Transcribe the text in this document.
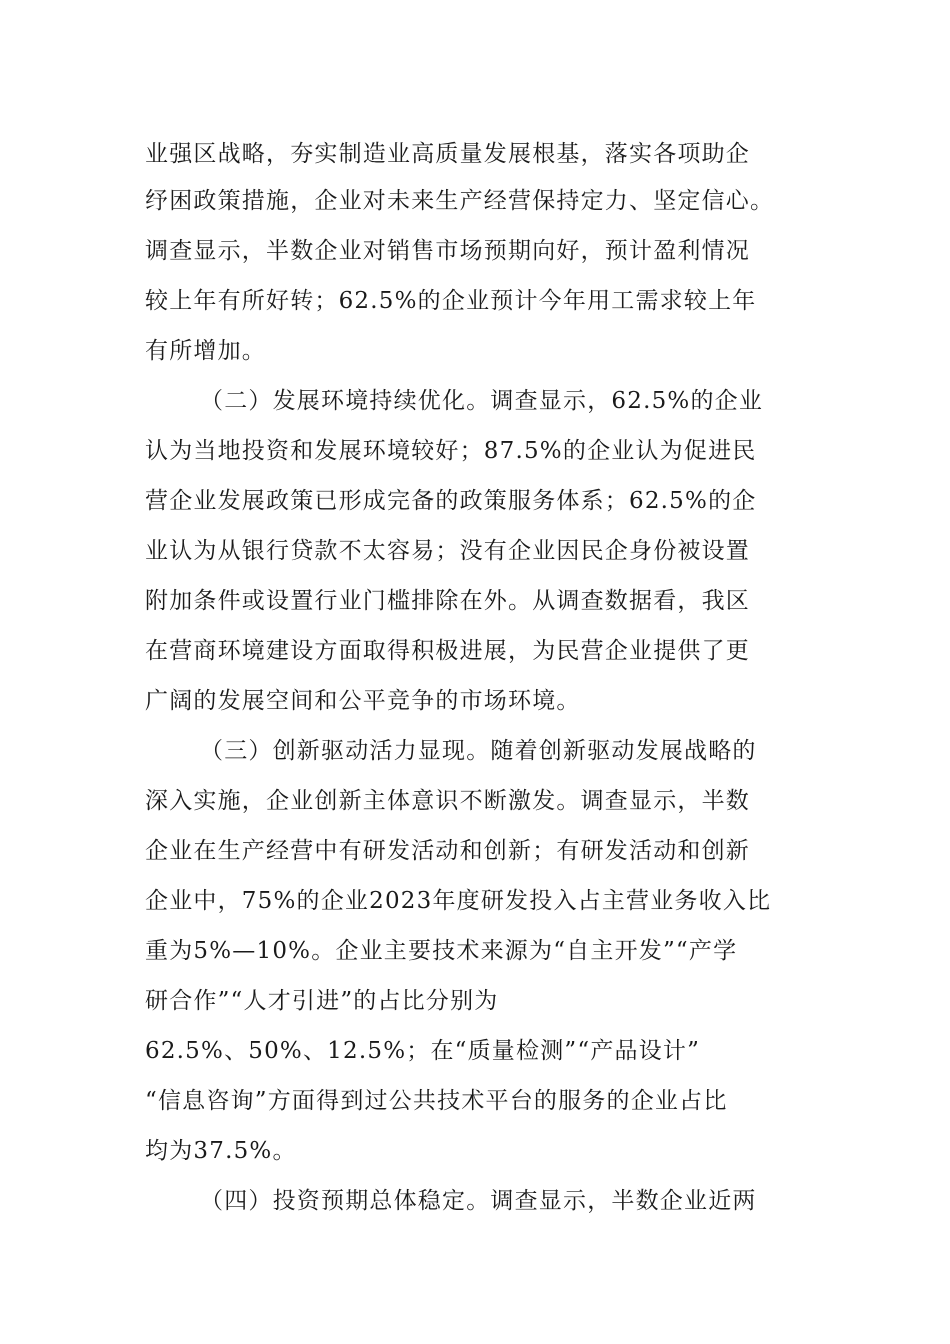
业强区战略，夯实制造业高质量发展根基，落实各项助企
纾困政策措施，企业对未来生产经营保持定力、坚定信心。
调查显示，半数企业对销售市场预期向好，预计盈利情况
较上年有所好转；62.5%的企业预计今年用工需求较上年
有所增加。
（二）发展环境持续优化。调查显示，62.5%的企业
认为当地投资和发展环境较好；87.5%的企业认为促进民
营企业发展政策已形成完备的政策服务体系；62.5%的企
业认为从银行贷款不太容易；没有企业因民企身份被设置
附加条件或设置行业门槛排除在外。从调查数据看，我区
在营商环境建设方面取得积极进展，为民营企业提供了更
广阔的发展空间和公平竞争的市场环境。
（三）创新驱动活力显现。随着创新驱动发展战略的
深入实施，企业创新主体意识不断激发。调查显示，半数
企业在生产经营中有研发活动和创新；有研发活动和创新
企业中，75%的企业2023年度研发投入占主营业务收入比
重为5%—10%。企业主要技术来源为“自主开发”“产学
研合作”“人才引进”的占比分别为
62.5%、50%、12.5%；在“质量检测”“产品设计”
“信息咨询”方面得到过公共技术平台的服务的企业占比
均为37.5%。
（四）投资预期总体稳定。调查显示，半数企业近两
